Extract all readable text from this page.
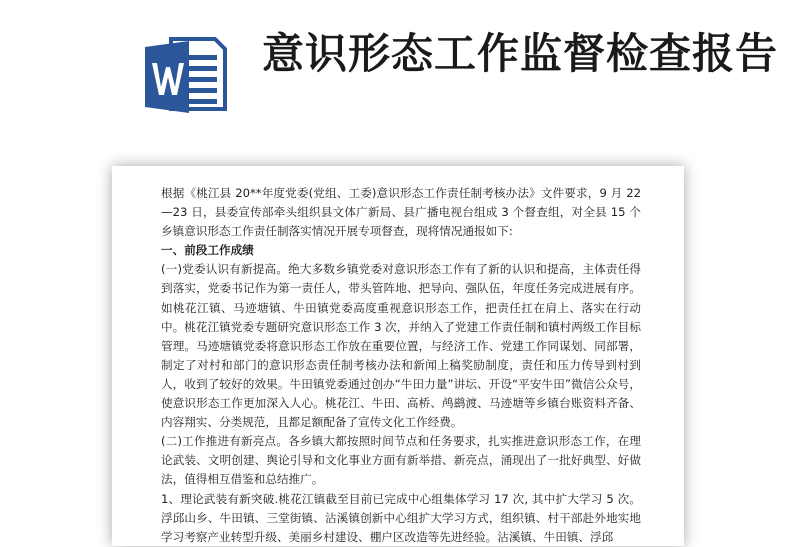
意识形态工作监督检查报告

根据《桃江县 20**年度党委(党组、工委)意识形态工作责任制考核办法》文件要求，9 月 22—23 日，县委宣传部牵头组织县文体广新局、县广播电视台组成 3 个督查组，对全县 15 个乡镇意识形态工作责任制落实情况开展专项督查，现将情况通报如下:

一、前段工作成绩

(一)党委认识有新提高。绝大多数乡镇党委对意识形态工作有了新的认识和提高，主体责任得到落实，党委书记作为第一责任人，带头管阵地、把导向、强队伍，年度任务完成进展有序。如桃花江镇、马迹塘镇、牛田镇党委高度重视意识形态工作，把责任扛在肩上、落实在行动中。桃花江镇党委专题研究意识形态工作 3 次，并纳入了党建工作责任制和镇村两级工作目标管理。马迹塘镇党委将意识形态工作放在重要位置，与经济工作、党建工作同谋划、同部署，制定了对村和部门的意识形态责任制考核办法和新闻上稿奖励制度，责任和压力传导到村到人，收到了较好的效果。牛田镇党委通过创办“牛田力量”讲坛、开设“平安牛田”微信公众号，使意识形态工作更加深入人心。桃花江、牛田、高桥、鸬鹚渡、马迹塘等乡镇台账资料齐备、内容翔实、分类规范，且都足额配备了宣传文化工作经费。

(二)工作推进有新亮点。各乡镇大都按照时间节点和任务要求，扎实推进意识形态工作，在理论武装、文明创建、舆论引导和文化事业方面有新举措、新亮点，涌现出了一批好典型、好做法，值得相互借鉴和总结推广。

1、理论武装有新突破.桃花江镇截至目前已完成中心组集体学习 17 次, 其中扩大学习 5 次。浮邱山乡、牛田镇、三堂街镇、沾溪镇创新中心组扩大学习方式，组织镇、村干部赴外地实地学习考察产业转型升级、美丽乡村建设、棚户区改造等先进经验。沾溪镇、牛田镇、浮邱
